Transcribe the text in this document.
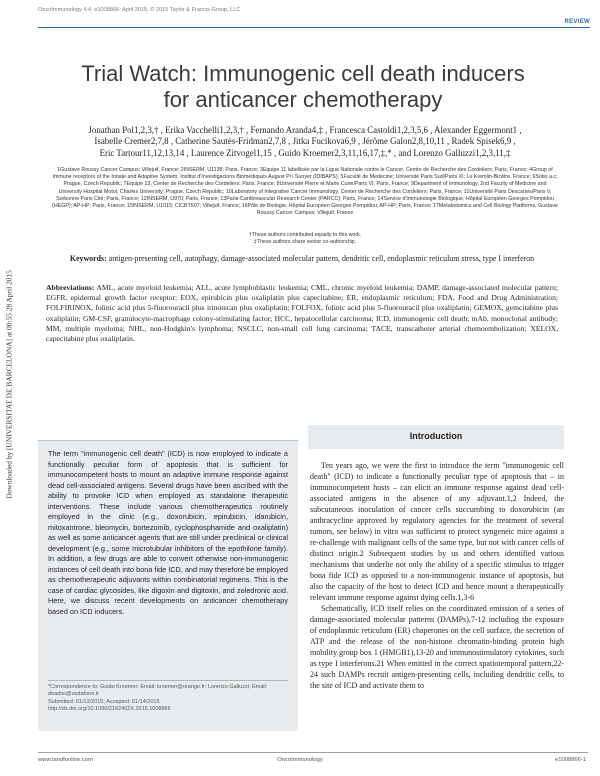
OncoImmunology 4:4, e1008866; April 2015; © 2015 Taylor & Francis Group, LLC
REVIEW
Downloaded by [UNIVERSITAT DE BARCELONA] at 00:55 28 April 2015
Trial Watch: Immunogenic cell death inducers
for anticancer chemotherapy
Jonathan Pol1,2,3,† , Erika Vacchelli1,2,3,† , Fernando Aranda4,‡ , Francesca Castoldi1,2,3,5,6 , Alexander Eggermont1 ,
Isabelle Cremer2,7,8 , Catherine Sautès-Fridman2,7,8 , Jitka Fucikova6,9 , Jérôme Galon2,8,10,11 , Radek Spisek6,9 ,
Eric Tartour11,12,13,14 , Laurence Zitvogel1,15 , Guido Kroemer2,3,11,16,17,‡,* , and Lorenzo Galluzzi1,2,3,11,‡
1Gustave Roussy Cancer Campus; Villejuif, France; 2INSERM, U1138; Paris, France; 3Equipe 11 labellisée par la Ligue Nationale contre le Cancer, Centre de Recherche des Cordeliers; Paris, France; 4Group of Immune receptors of the Innate and Adaptive System, Institut d'Investigacions Biomédiques August Pi i Sunyer (IDIBAPS); 5Faculté de Medecine; Université Paris Sud/Paris XI; Le Kremlin-Bicêtre, France; 6Sotio a.c; Prague, Czech Republic; 7Equipe 13, Center de Recherche des Cordeliers; Paris, France; 8Université Pierre et Marie Curie/Paris VI; Paris, France; 9Department of Immunology, 2nd Faculty of Medicine and University Hospital Motol, Charles University; Prague, Czech Republic; 10Laboratory of Integrative Cancer Immunology, Center de Recherche des Cordeliers; Paris, France; 11Université Paris Descartes/Paris V, Sorbonne Paris Cité; Paris, France; 12INSERM, U970; Paris, France; 13Paris-Cardiovascular Research Center (PARCC); Paris, France; 14Service d'Immunologie Biologique, Hôpital Européen Georges Pompidou (HEGP); AP-HP; Paris, France; 15INSERM, U1015; CICBT507; Villejuif, France; 16Pôle de Biologie, Hôpital Européen Georges Pompidou; AP-HP; Paris, France; 17Metabolomics and Cell Biology Platforms, Gustave Roussy Cancer Campus; Villejuif, France
†These authors contributed equally to this work.
‡These authors share senior co-authorship.
Keywords: antigen-presenting cell, autophagy, damage-associated molecular pattern, dendritic cell, endoplasmic reticulum stress, type I interferon
Abbreviations: AML, acute myeloid leukemia; ALL, acute lymphoblastic leukemia; CML, chronic myeloid leukemia; DAMP, damage-associated molecular pattern; EGFR, epidermal growth factor receptor; EOX, epirubicin plus oxaliplatin plus capecitabine; ER, endoplasmic reticulum; FDA, Food and Drug Administration; FOLFIRINOX, folinic acid plus 5-fluorouracil plus irinotecan plus oxaliplatin; FOLFOX, folinic acid plus 5-fluorouracil plus oxaliplatin; GEMOX, gemcitabine plus oxaliplatin; GM-CSF, granulocyte-macrophage colony-stimulating factor; HCC, hepatocellular carcinoma; ICD, immunogenic cell death; mAb, monoclonal antibody; MM, multiple myeloma; NHL, non-Hodgkin's lymphoma; NSCLC, non-small cell lung carcinoma; TACE, transcatheter arterial chemoembolization; XELOX, capecitabine plus oxaliplatin.
The term "immunogenic cell death" (ICD) is now employed to indicate a functionally peculiar form of apoptosis that is sufficient for immunocompetent hosts to mount an adaptive immune response against dead cell-associated antigens. Several drugs have been ascribed with the ability to provoke ICD when employed as standalone therapeutic interventions. These include various chemotherapeutics routinely employed in the clinic (e.g., doxorubicin, epirubicin, idarubicin, mitoxantrone, bleomycin, bortezomib, cyclophosphamide and oxaliplatin) as well as some anticancer agents that are still under preclinical or clinical development (e.g., some microtubular inhibitors of the epothilone family). In addition, a few drugs are able to convert otherwise non-immunogenic instances of cell death into bona fide ICD, and may therefore be employed as chemotherapeutic adjuvants within combinatorial regimens. This is the case of cardiac glycosides, like digoxin and digitoxin, and zoledronic acid. Here, we discuss recent developments on anticancer chemotherapy based on ICD inducers.
*Correspondence to: Guido Kroemer; Email: kroemer@orange.fr; Lorenzo Galluzzi; Email: deadoc@vodafone.it
Submitted: 01/13/2015; Accepted: 01/14/2015
http://dx.doi.org/10.1080/2162402X.2015.1008866
Introduction

Ten years ago, we were the first to introduce the term "immunogenic cell death" (ICD) to indicate a functionally peculiar type of apoptosis that – in immunocompetent hosts – can elicit an immune response against dead cell-associated antigens in the absence of any adjuvant.1,2 Indeed, the subcutaneous inoculation of cancer cells succumbing to doxorubicin (an anthracycline approved by regulatory agencies for the treatment of several tumors, see below) in vitro was sufficient to protect syngeneic mice against a re-challenge with malignant cells of the same type, but not with cancer cells of distinct origin.2 Subsequent studies by us and others identified various mechanisms that underlie not only the ability of a specific stimulus to trigger bona fide ICD as opposed to a non-immunogenic instance of apoptosis, but also the capacity of the host to detect ICD and hence mount a therapeutically relevant immune response against dying cells.1,3-6

Schematically, ICD itself relies on the coordinated emission of a series of damage-associated molecular patterns (DAMPs),7-12 including the exposure of endoplasmic reticulum (ER) chaperones on the cell surface, the secretion of ATP and the release of the non-histone chromatin-binding protein high mobility group box 1 (HMGB1),13-20 and immunostimulatory cytokines, such as type I interferons.21 When emitted in the correct spatiotemporal pattern,22-24 such DAMPs recruit antigen-presenting cells, including dendritic cells, to the site of ICD and activate them to

OncoImmunology
www.tandfonline.com	e1008866-1
